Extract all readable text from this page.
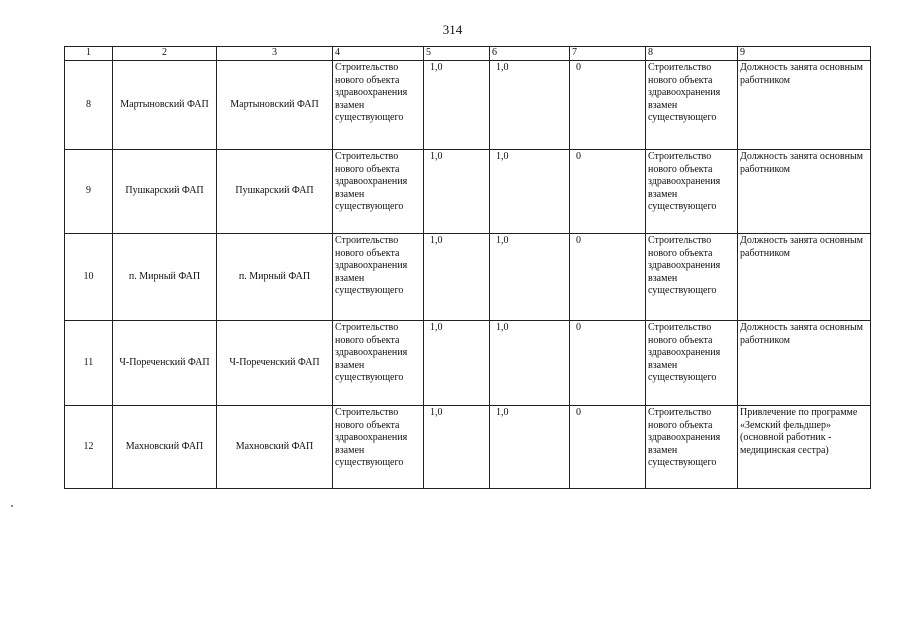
314
1	2	3	4	5	6	7	8	9
8	Мартыновский ФАП	Мартыновский ФАП	Строительство нового объекта здравоохранения взамен существующего	1,0	1,0	0	Строительство нового объекта здравоохранения взамен существующего	Должность занята основным работником
9	Пушкарский ФАП	Пушкарский ФАП	Строительство нового объекта здравоохранения взамен существующего	1,0	1,0	0	Строительство нового объекта здравоохранения взамен существующего	Должность занята основным работником
10	п. Мирный ФАП	п. Мирный ФАП	Строительство нового объекта здравоохранения взамен существующего	1,0	1,0	0	Строительство нового объекта здравоохранения взамен существующего	Должность занята основным работником
11	Ч-Пореченский ФАП	Ч-Пореченский ФАП	Строительство нового объекта здравоохранения взамен существующего	1,0	1,0	0	Строительство нового объекта здравоохранения взамен существующего	Должность занята основным работником
12	Махновский ФАП	Махновский ФАП	Строительство нового объекта здравоохранения взамен существующего	1,0	1,0	0	Строительство нового объекта здравоохранения взамен существующего	Привлечение по программе «Земский фельдшер» (основной работник - медицинская сестра)
